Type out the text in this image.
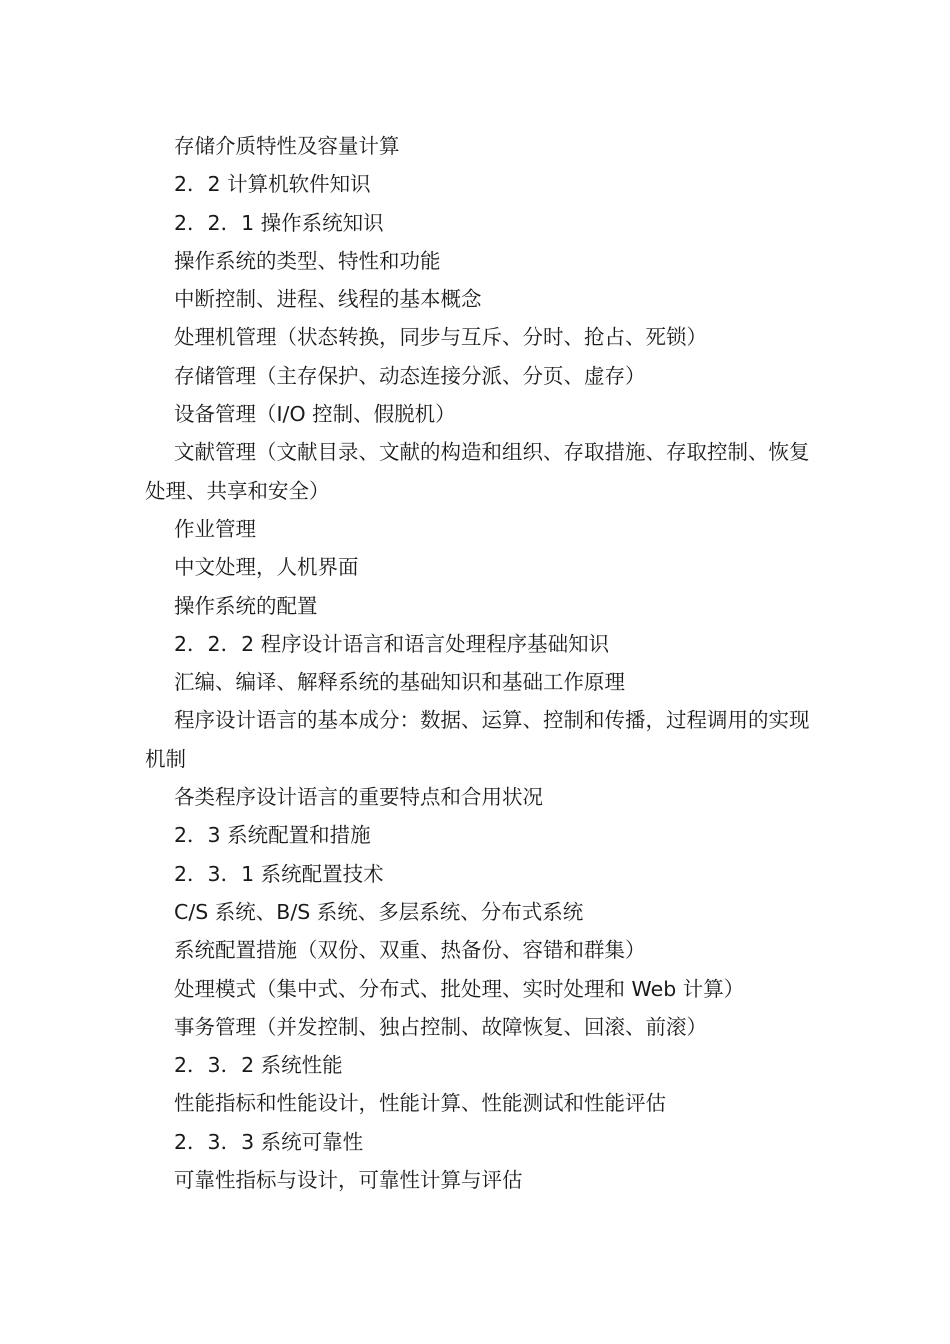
存储介质特性及容量计算

2．2 计算机软件知识

2．2．1 操作系统知识

操作系统的类型、特性和功能

中断控制、进程、线程的基本概念

处理机管理（状态转换，同步与互斥、分时、抢占、死锁）

存储管理（主存保护、动态连接分派、分页、虚存）

设备管理（I/O 控制、假脱机）

文献管理（文献目录、文献的构造和组织、存取措施、存取控制、恢复处理、共享和安全）

作业管理

中文处理，人机界面

操作系统的配置

2．2．2 程序设计语言和语言处理程序基础知识

汇编、编译、解释系统的基础知识和基础工作原理

程序设计语言的基本成分：数据、运算、控制和传播，过程调用的实现机制

各类程序设计语言的重要特点和合用状况

2．3 系统配置和措施

2．3．1 系统配置技术

C/S 系统、B/S 系统、多层系统、分布式系统

系统配置措施（双份、双重、热备份、容错和群集）

处理模式（集中式、分布式、批处理、实时处理和 Web 计算）

事务管理（并发控制、独占控制、故障恢复、回滚、前滚）

2．3．2 系统性能

性能指标和性能设计，性能计算、性能测试和性能评估

2．3．3 系统可靠性

可靠性指标与设计，可靠性计算与评估
